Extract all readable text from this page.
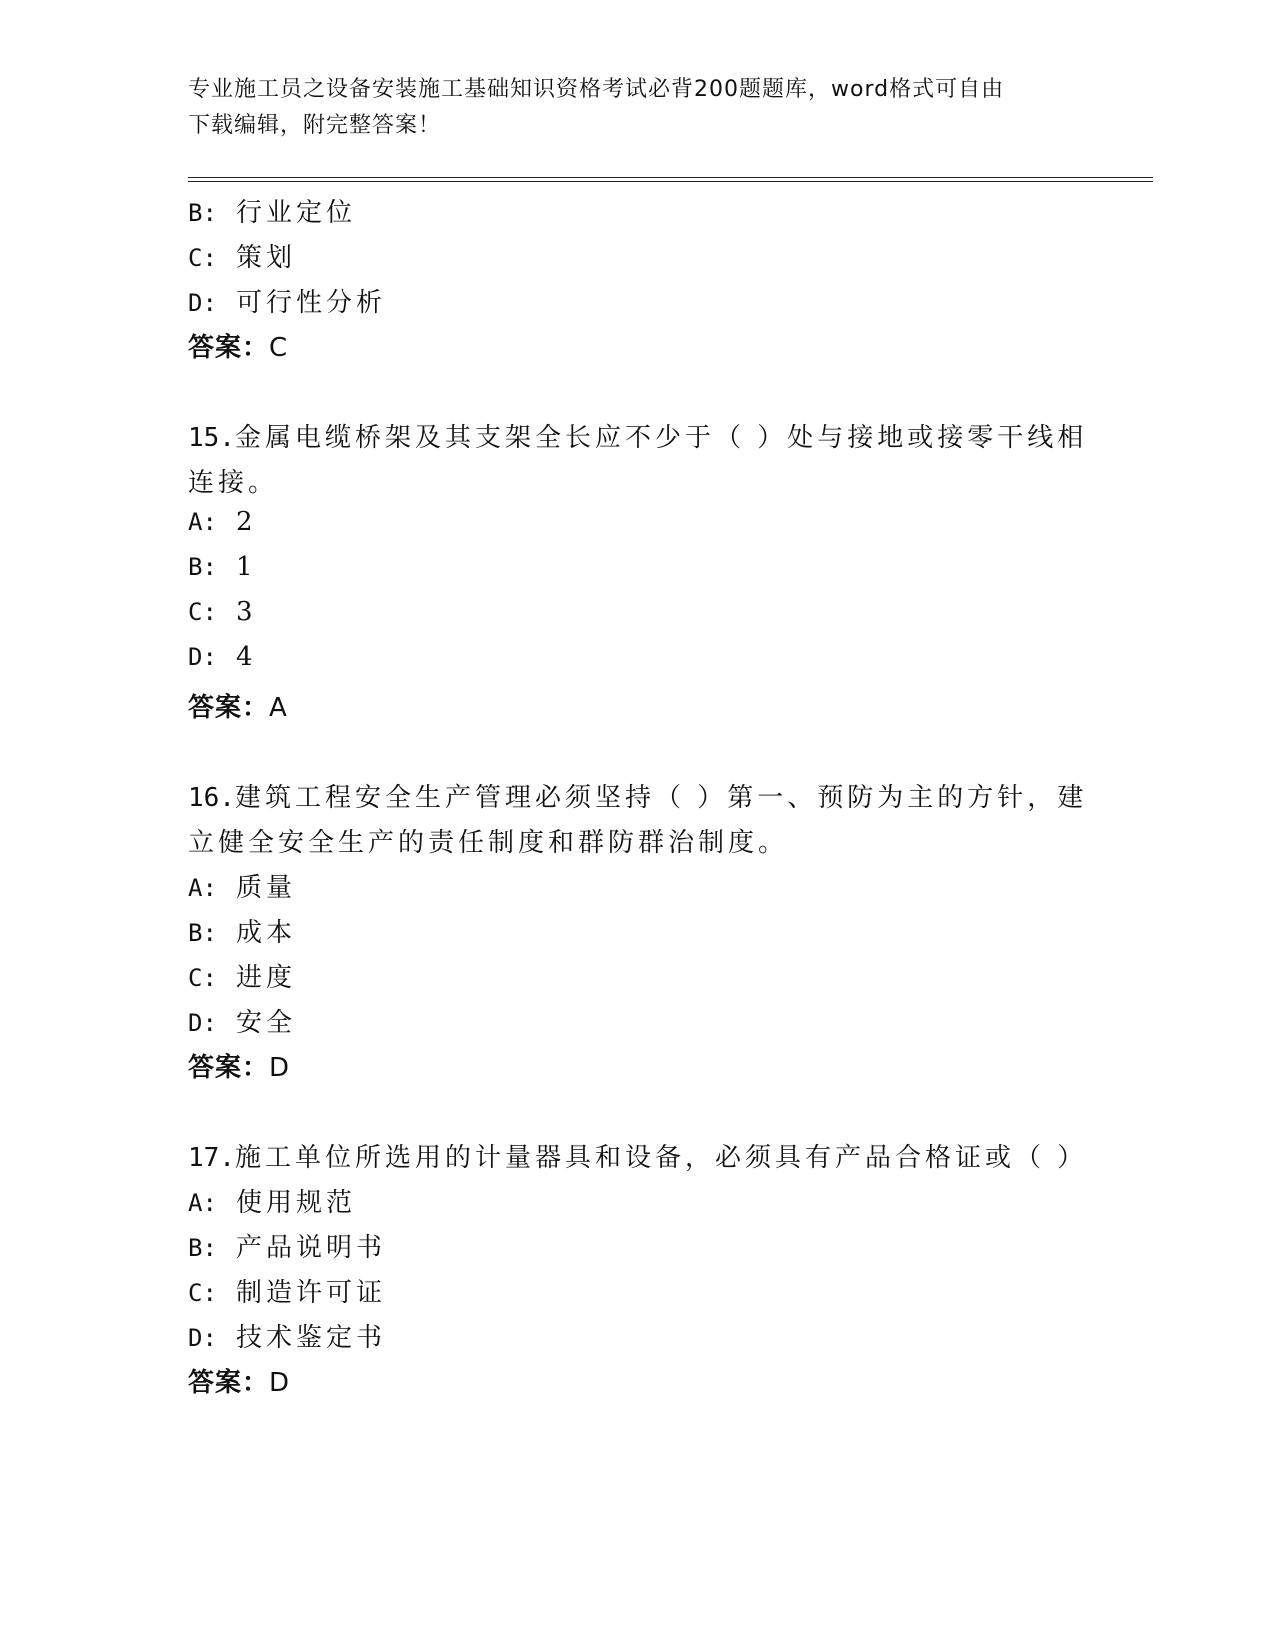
专业施工员之设备安装施工基础知识资格考试必背200题题库，word格式可自由
下载编辑，附完整答案！
B: 行业定位
C: 策划
D: 可行性分析
答案：C
15.金属电缆桥架及其支架全长应不少于（ ）处与接地或接零干线相
连接。
A: 2
B: 1
C: 3
D: 4
答案：A
16.建筑工程安全生产管理必须坚持（ ）第一、预防为主的方针，建
立健全安全生产的责任制度和群防群治制度。
A: 质量
B: 成本
C: 进度
D: 安全
答案：D
17.施工单位所选用的计量器具和设备，必须具有产品合格证或（ ）
A: 使用规范
B: 产品说明书
C: 制造许可证
D: 技术鉴定书
答案：D
